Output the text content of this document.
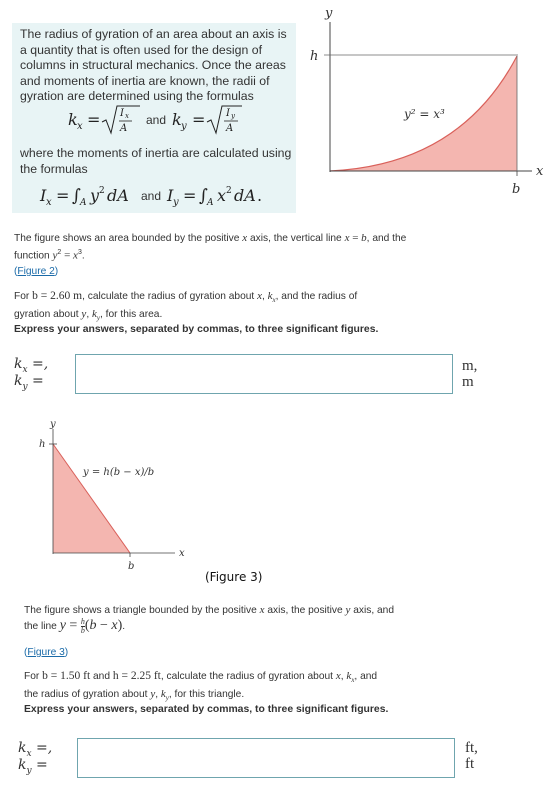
The radius of gyration of an area about an axis is a quantity that is often used for the design of columns in structural mechanics. Once the areas and moments of inertia are known, the radii of gyration are determined using the formulas
k x = I x
A
and k y = I y
A
where the moments of inertia are calculated using the formulas
I x = ∫ A y 2 dA and I y = ∫ A x 2 dA .
y
x
h
b
y² = x³
The figure shows an area bounded by the positive x axis, the vertical line x = b, and the function $y^2 = x^3$.
(Figure 2)
For b = 2.60 m, calculate the radius of gyration about x, $k_x$, and the radius of gyration about y, $k_y$, for this area.
Express your answers, separated by commas, to three significant figures.
$k_x$ =,
$k_y$ =
m,
m
y
x
h
b
y = h(b − x)/b
(Figure 3)
The figure shows a triangle bounded by the positive x axis, the positive y axis, and
the line $y = \frac{h}{b} (b - x)$.
(Figure 3)
For b = 1.50 ft and h = 2.25 ft, calculate the radius of gyration about x, $k_x$, and
the radius of gyration about y, $k_y$, for this triangle.
Express your answers, separated by commas, to three significant figures.
$k_x$ =,
$k_y$ =
ft,
ft
